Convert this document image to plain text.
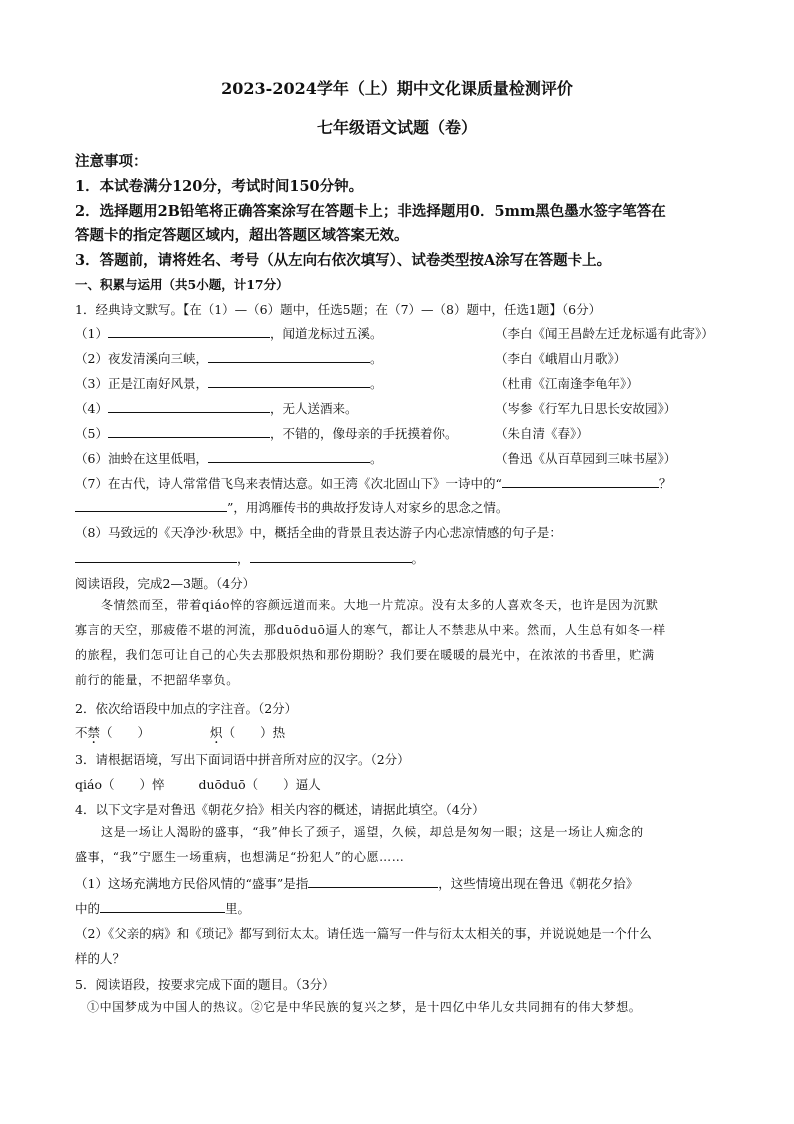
2023-2024学年（上）期中文化课质量检测评价
七年级语文试题（卷）
注意事项：
1．本试卷满分120分，考试时间150分钟。
2．选择题用2B铅笔将正确答案涂写在答题卡上；非选择题用0．5mm黑色墨水签字笔答在
答题卡的指定答题区域内，超出答题区域答案无效。
3．答题前，请将姓名、考号（从左向右依次填写）、试卷类型按A涂写在答题卡上。
一、积累与运用（共5小题，计17分）
1．经典诗文默写。【在（1）—（6）题中，任选5题；在（7）—（8）题中，任选1题】（6分）
（1）	，闻道龙标过五溪。	（李白《闻王昌龄左迁龙标遥有此寄》）
（2）夜发清溪向三峡，	。	（李白《峨眉山月歌》）
（3）正是江南好风景，	。	（杜甫《江南逢李龟年》）
（4）	，无人送酒来。	（岑参《行军九日思长安故园》）
（5）	，不错的，像母亲的手抚摸着你。	（朱自清《春》）
（6）油蛉在这里低唱，	。	（鲁迅《从百草园到三味书屋》）
（7）在古代，诗人常常借飞鸟来表情达意。如王湾《次北固山下》一诗中的“	？
”，用鸿雁传书的典故抒发诗人对家乡的思念之情。
（8）马致远的《天净沙·秋思》中，概括全曲的背景且表达游子内心悲凉情感的句子是：
，	。
阅读语段，完成2—3题。（4分）
冬情然而至，带着qiáo悴的容颜远道而来。大地一片荒凉。没有太多的人喜欢冬天，也许是因为沉默
寡言的天空，那疲倦不堪的河流，那duōduō逼人的寒气，都让人不禁悲从中来。然而，人生总有如冬一样
的旅程，我们怎可让自己的心失去那股炽热和那份期盼？我们要在暖暖的晨光中，在浓浓的书香里，贮满
前行的能量，不把韶华辜负。
2．依次给语段中加点的字注音。（2分）
不禁（　　）	炽（　　）热
3．请根据语境，写出下面词语中拼音所对应的汉字。（2分）
qiáo（　　）悴	duōduō（　　）逼人
4．以下文字是对鲁迅《朝花夕拾》相关内容的概述，请据此填空。（4分）
这是一场让人渴盼的盛事，“我”伸长了颈子，遥望，久候，却总是匆匆一眼；这是一场让人痴念的
盛事，“我”宁愿生一场重病，也想满足“扮犯人”的心愿……
（1）这场充满地方民俗风情的“盛事”是指	，这些情境出现在鲁迅《朝花夕拾》
中的	里。
（2）《父亲的病》和《琐记》都写到衍太太。请任选一篇写一件与衍太太相关的事，并说说她是一个什么
样的人？
5．阅读语段，按要求完成下面的题目。（3分）
①中国梦成为中国人的热议。②它是中华民族的复兴之梦，是十四亿中华儿女共同拥有的伟大梦想。
